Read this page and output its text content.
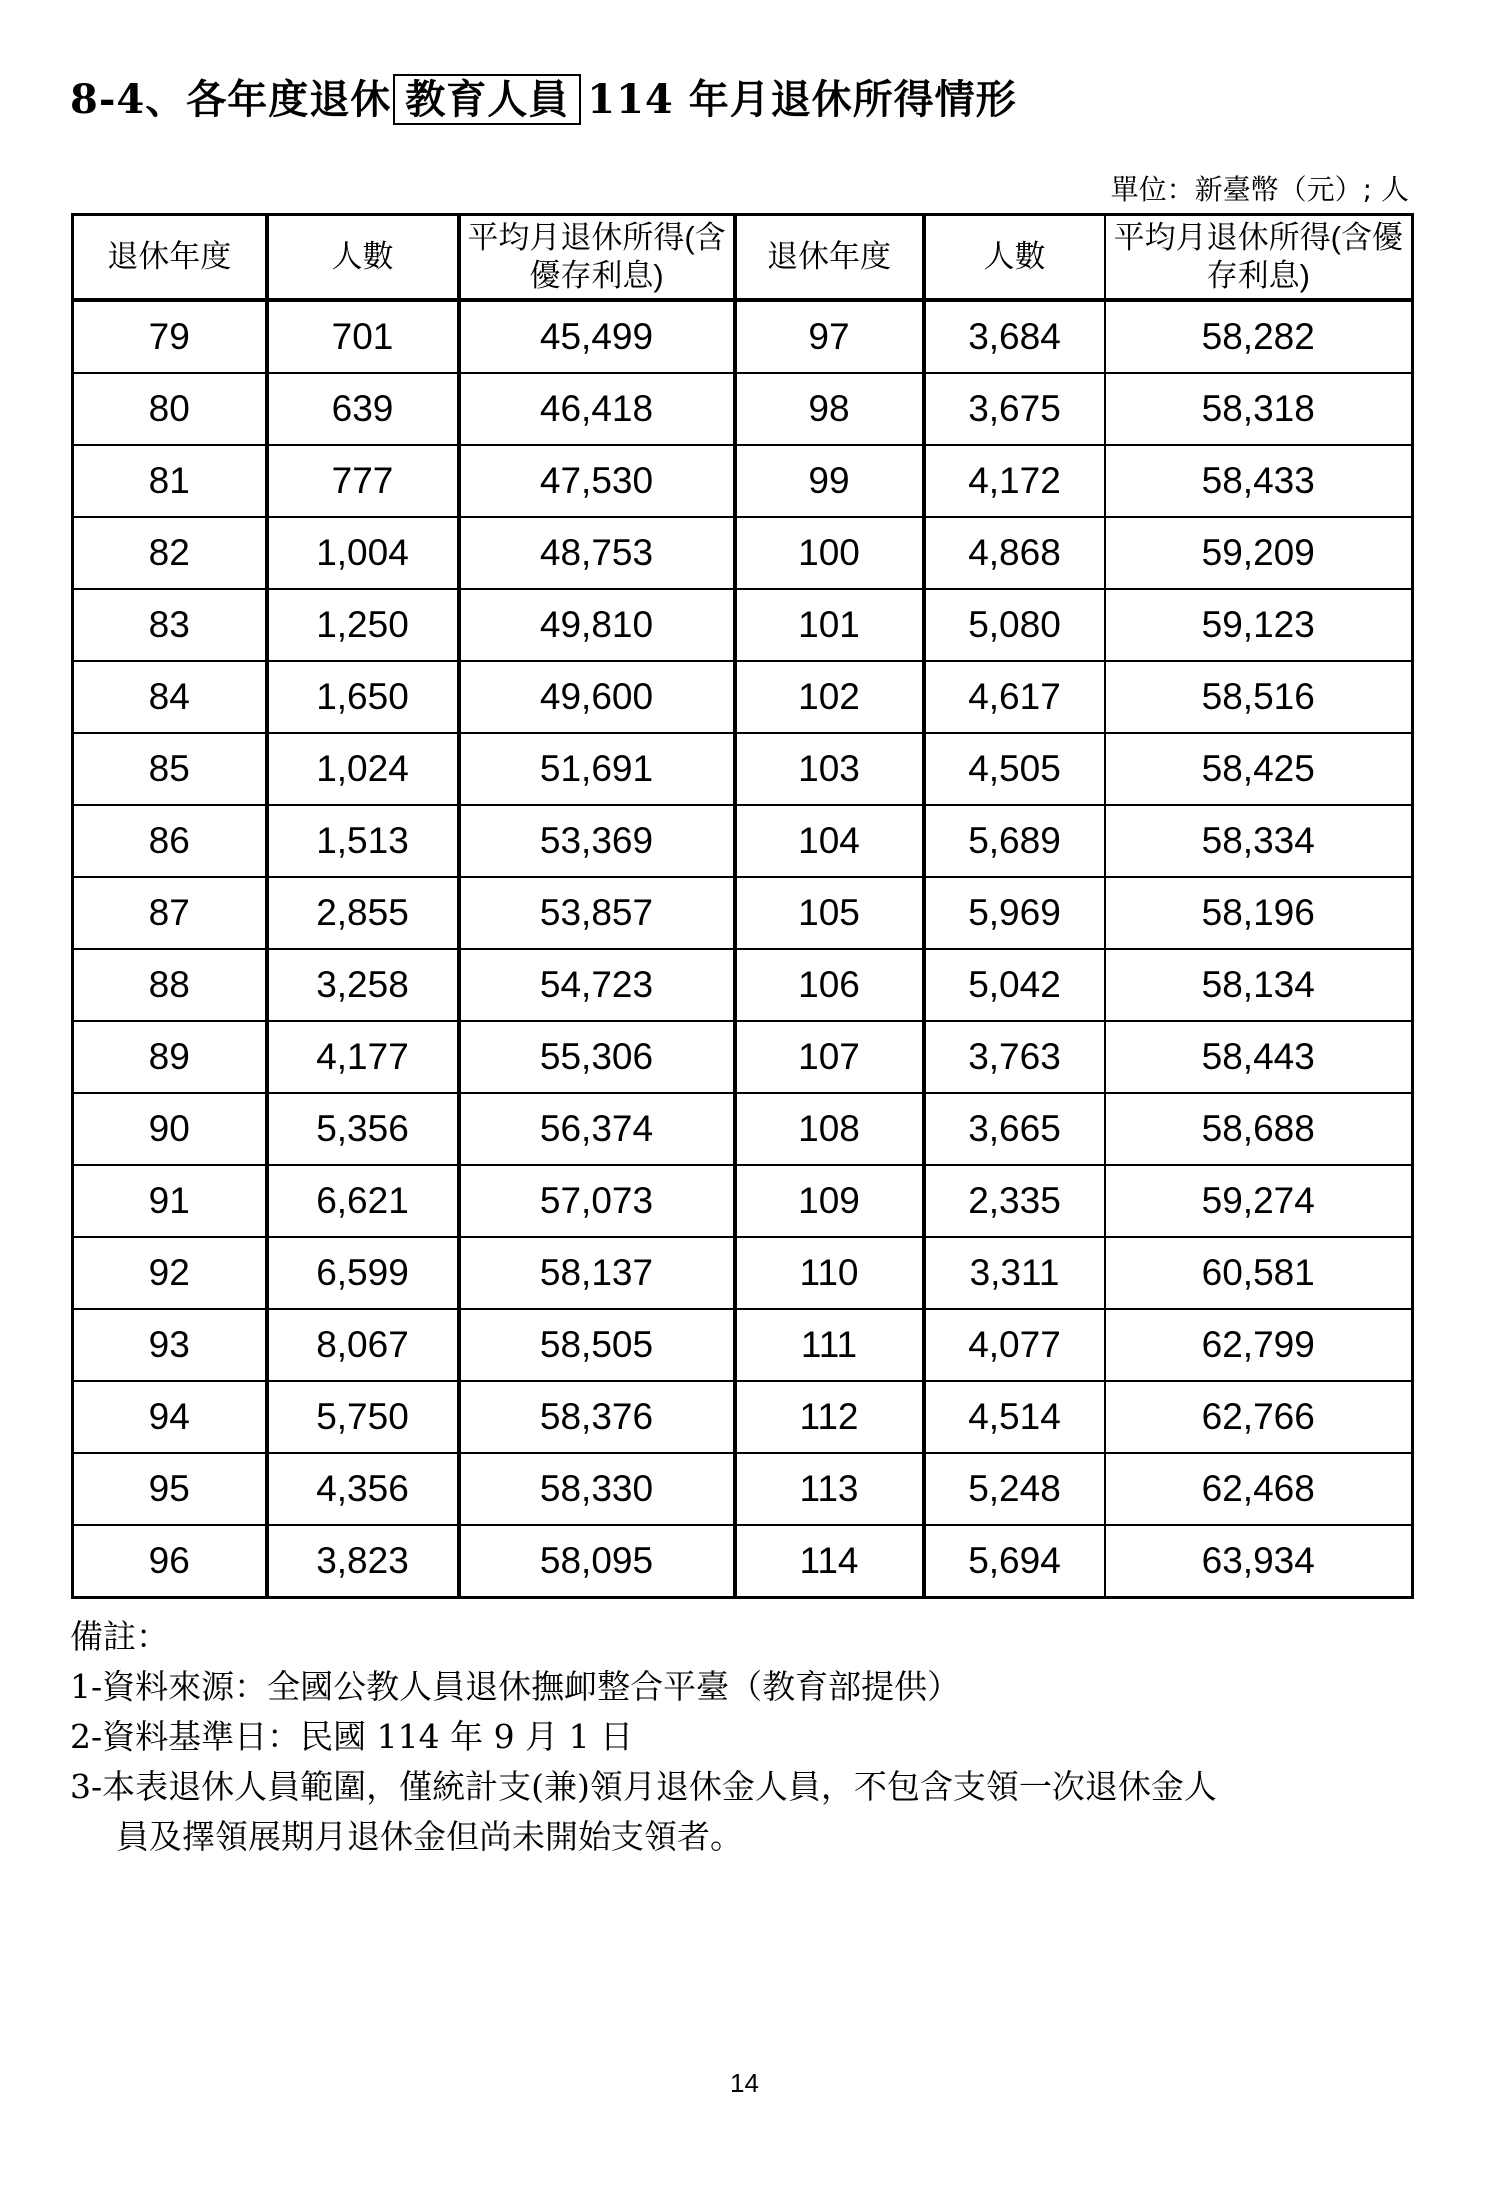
8-4、各年度退休 教育人員 114 年月退休所得情形
單位：新臺幣（元）; 人
退休年度	人數	平均月退休所得(含優存利息)	退休年度	人數	平均月退休所得(含優存利息)
79	701	45,499	97	3,684	58,282
80	639	46,418	98	3,675	58,318
81	777	47,530	99	4,172	58,433
82	1,004	48,753	100	4,868	59,209
83	1,250	49,810	101	5,080	59,123
84	1,650	49,600	102	4,617	58,516
85	1,024	51,691	103	4,505	58,425
86	1,513	53,369	104	5,689	58,334
87	2,855	53,857	105	5,969	58,196
88	3,258	54,723	106	5,042	58,134
89	4,177	55,306	107	3,763	58,443
90	5,356	56,374	108	3,665	58,688
91	6,621	57,073	109	2,335	59,274
92	6,599	58,137	110	3,311	60,581
93	8,067	58,505	111	4,077	62,799
94	5,750	58,376	112	4,514	62,766
95	4,356	58,330	113	5,248	62,468
96	3,823	58,095	114	5,694	63,934
備註：
1-資料來源：全國公教人員退休撫卹整合平臺（教育部提供）
2-資料基準日：民國 114 年 9 月 1 日
3-本表退休人員範圍，僅統計支(兼)領月退休金人員，不包含支領一次退休金人
員及擇領展期月退休金但尚未開始支領者。
14
